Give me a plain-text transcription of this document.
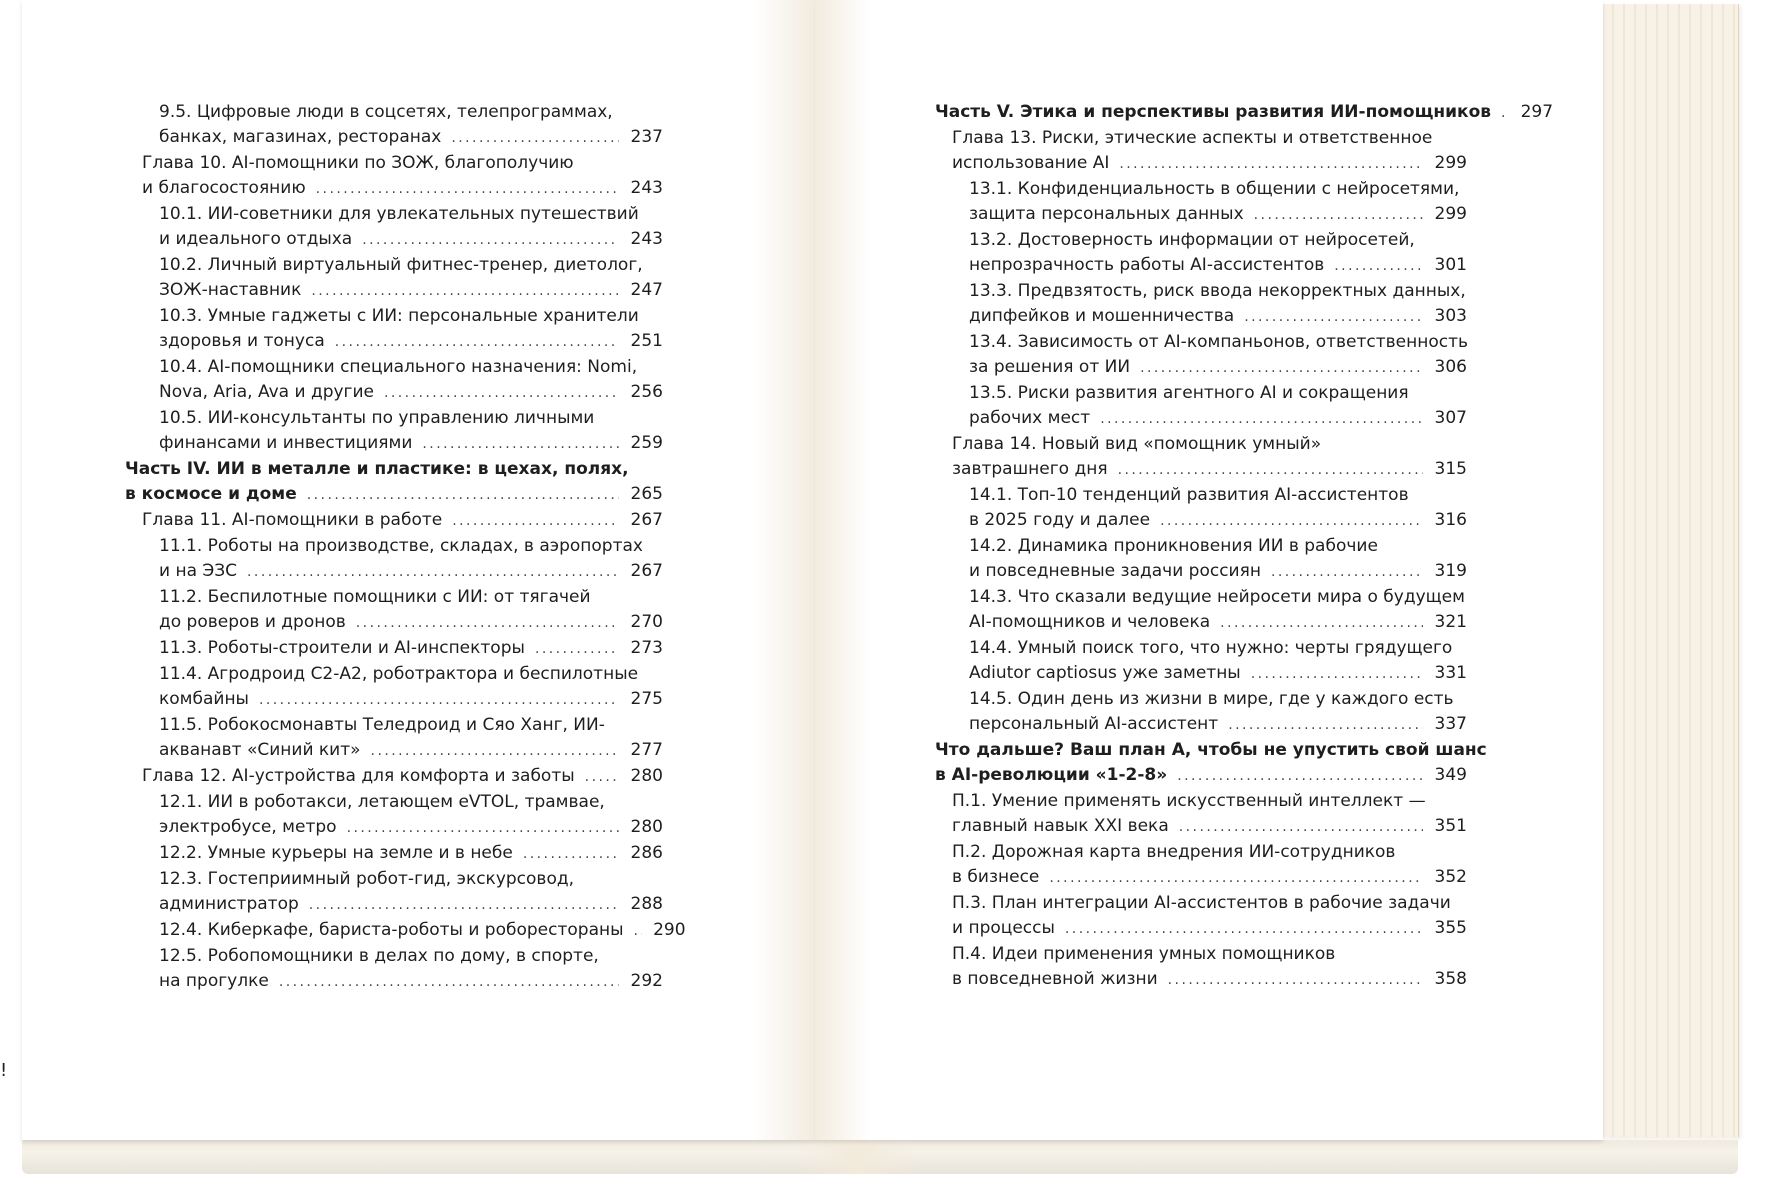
9.5. Цифровые люди в соцсетях, телепрограммах,
банках, магазинах, ресторанах . . .	237
Глава 10. AI-помощники по ЗОЖ, благополучию
и благосостоянию . . .	243
10.1. ИИ-советники для увлекательных путешествий
и идеального отдыха . . .	243
10.2. Личный виртуальный фитнес-тренер, диетолог,
ЗОЖ-наставник . . .	247
10.3. Умные гаджеты с ИИ: персональные хранители
здоровья и тонуса . . .	251
10.4. AI-помощники специального назначения: Nomi,
Nova, Aria, Ava и другие . . .	256
10.5. ИИ-консультанты по управлению личными
финансами и инвестициями . . .	259
Часть IV. ИИ в металле и пластике: в цехах, полях,
в космосе и доме . . .	265
Глава 11. AI-помощники в работе . . .	267
11.1. Роботы на производстве, складах, в аэропортах
и на ЭЗС . . .	267
11.2. Беспилотные помощники с ИИ: от тягачей
до роверов и дронов . . .	270
11.3. Роботы-строители и AI-инспекторы . . .	273
11.4. Агродроид С2-А2, роботрактора и беспилотные
комбайны . . .	275
11.5. Робокосмонавты Теледроид и Сяо Ханг, ИИ-
акванавт «Синий кит» . . .	277
Глава 12. AI-устройства для комфорта и заботы . . .	280
12.1. ИИ в роботакси, летающем eVTOL, трамвае,
электробусе, метро . . .	280
12.2. Умные курьеры на земле и в небе . . .	286
12.3. Гостеприимный робот-гид, экскурсовод,
администратор . . .	288
12.4. Киберкафе, бариста-роботы и роборестораны . . .	290
12.5. Робопомощники в делах по дому, в спорте,
на прогулке . . .	292
Часть V. Этика и перспективы развития ИИ-помощников . . .	297
Глава 13. Риски, этические аспекты и ответственное
использование AI . . .	299
13.1. Конфиденциальность в общении с нейросетями,
защита персональных данных . . .	299
13.2. Достоверность информации от нейросетей,
непрозрачность работы AI-ассистентов . . .	301
13.3. Предвзятость, риск ввода некорректных данных,
дипфейков и мошенничества . . .	303
13.4. Зависимость от AI-компаньонов, ответственность
за решения от ИИ . . .	306
13.5. Риски развития агентного AI и сокращения
рабочих мест . . .	307
Глава 14. Новый вид «помощник умный»
завтрашнего дня . . .	315
14.1. Топ-10 тенденций развития AI-ассистентов
в 2025 году и далее . . .	316
14.2. Динамика проникновения ИИ в рабочие
и повседневные задачи россиян . . .	319
14.3. Что сказали ведущие нейросети мира о будущем
AI-помощников и человека . . .	321
14.4. Умный поиск того, что нужно: черты грядущего
Adiutor captiosus уже заметны . . .	331
14.5. Один день из жизни в мире, где у каждого есть
персональный AI-ассистент . . .	337
Что дальше? Ваш план А, чтобы не упустить свой шанс
в AI-революции «1-2-8» . . .	349
П.1. Умение применять искусственный интеллект —
главный навык XXI века . . .	351
П.2. Дорожная карта внедрения ИИ-сотрудников
в бизнесе . . .	352
П.3. План интеграции AI-ассистентов в рабочие задачи
и процессы . . .	355
П.4. Идеи применения умных помощников
в повседневной жизни . . .	358
!
